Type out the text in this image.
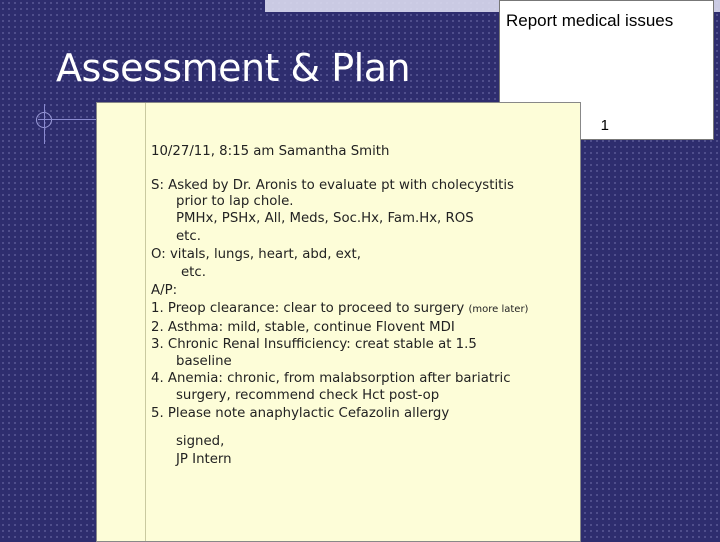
Assessment & Plan
Report medical issues
1
10/27/11, 8:15 am Samantha Smith
S: Asked by Dr. Aronis to evaluate pt with cholecystitis
prior to lap chole.
PMHx, PSHx, All, Meds, Soc.Hx, Fam.Hx, ROS
etc.
O: vitals, lungs, heart, abd, ext,
etc.
A/P:
1. Preop clearance: clear to proceed to surgery (more later)
2. Asthma: mild, stable, continue Flovent MDI
3. Chronic Renal Insufficiency: creat stable at 1.5
baseline
4. Anemia: chronic, from malabsorption after bariatric
surgery, recommend check Hct post-op
5. Please note anaphylactic Cefazolin allergy
signed,
JP Intern
